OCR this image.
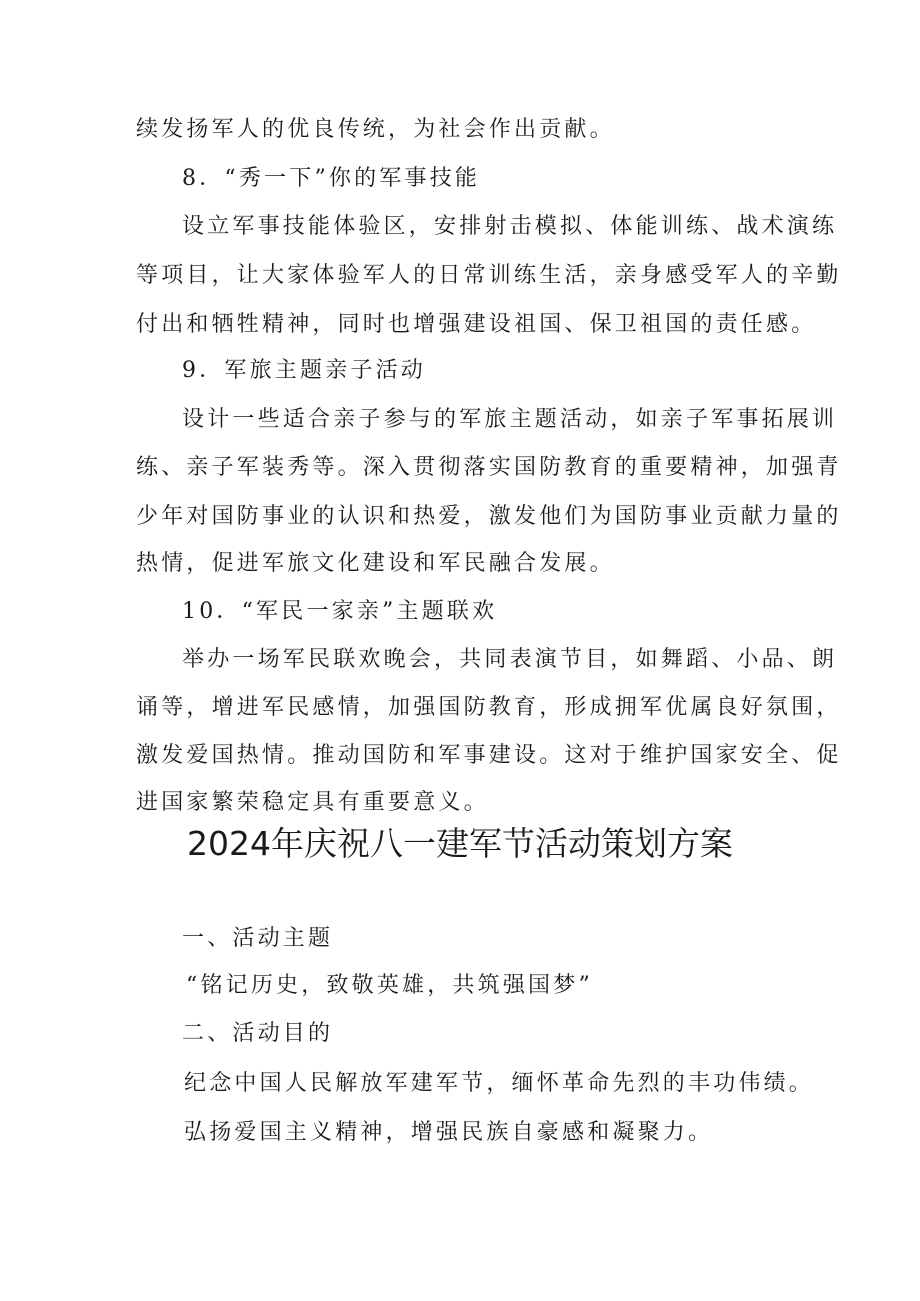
续发扬军人的优良传统，为社会作出贡献。
8．“秀一下”你的军事技能
设立军事技能体验区，安排射击模拟、体能训练、战术演练
等项目，让大家体验军人的日常训练生活，亲身感受军人的辛勤
付出和牺牲精神，同时也增强建设祖国、保卫祖国的责任感。
9．军旅主题亲子活动
设计一些适合亲子参与的军旅主题活动，如亲子军事拓展训
练、亲子军装秀等。深入贯彻落实国防教育的重要精神，加强青
少年对国防事业的认识和热爱，激发他们为国防事业贡献力量的
热情，促进军旅文化建设和军民融合发展。
10．“军民一家亲”主题联欢
举办一场军民联欢晚会，共同表演节目，如舞蹈、小品、朗
诵等，增进军民感情，加强国防教育，形成拥军优属良好氛围，
激发爱国热情。推动国防和军事建设。这对于维护国家安全、促
进国家繁荣稳定具有重要意义。
2024年庆祝八一建军节活动策划方案
一、活动主题
“铭记历史，致敬英雄，共筑强国梦”
二、活动目的
纪念中国人民解放军建军节，缅怀革命先烈的丰功伟绩。
弘扬爱国主义精神，增强民族自豪感和凝聚力。
